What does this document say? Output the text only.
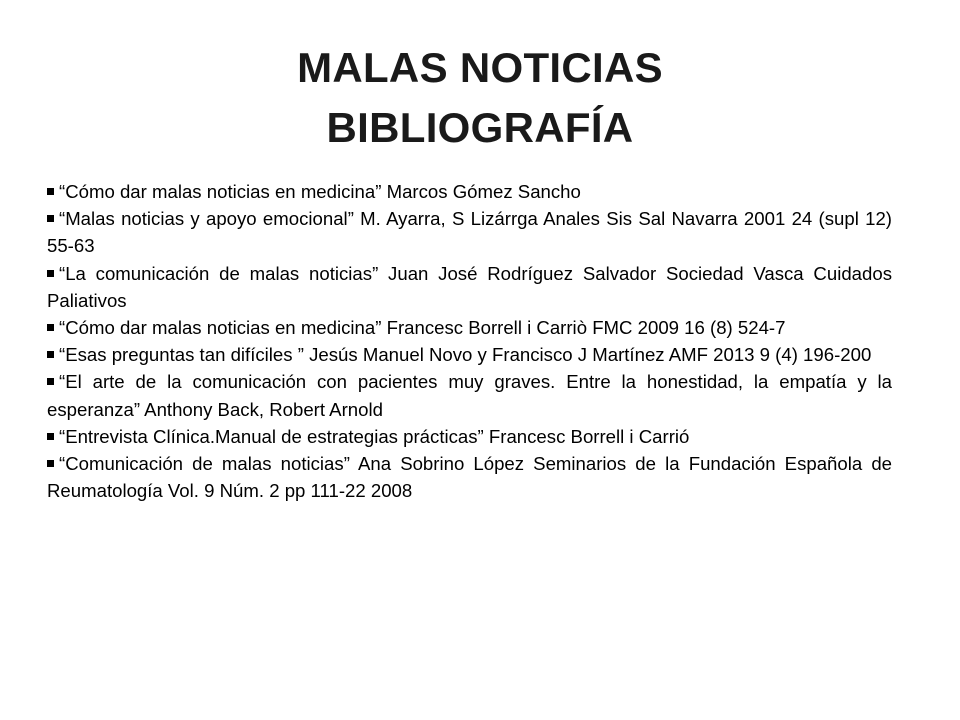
MALAS NOTICIAS
BIBLIOGRAFÍA
“Cómo dar malas noticias en medicina” Marcos Gómez Sancho
“Malas noticias y apoyo emocional” M. Ayarra, S Lizárrga Anales Sis Sal Navarra 2001 24 (supl 12) 55-63
“La comunicación de malas noticias” Juan José Rodríguez Salvador Sociedad Vasca Cuidados Paliativos
“Cómo dar malas noticias en medicina” Francesc Borrell i Carriò FMC 2009 16 (8) 524-7
“Esas preguntas tan difíciles ” Jesús Manuel Novo y Francisco J Martínez AMF 2013 9 (4) 196-200
“El arte de la comunicación con pacientes muy graves. Entre la honestidad, la empatía y la esperanza” Anthony Back, Robert Arnold
“Entrevista Clínica.Manual de estrategias prácticas” Francesc Borrell i Carrió
“Comunicación de malas noticias” Ana Sobrino López Seminarios de la Fundación Española de Reumatología Vol. 9 Núm. 2 pp 111-22 2008
